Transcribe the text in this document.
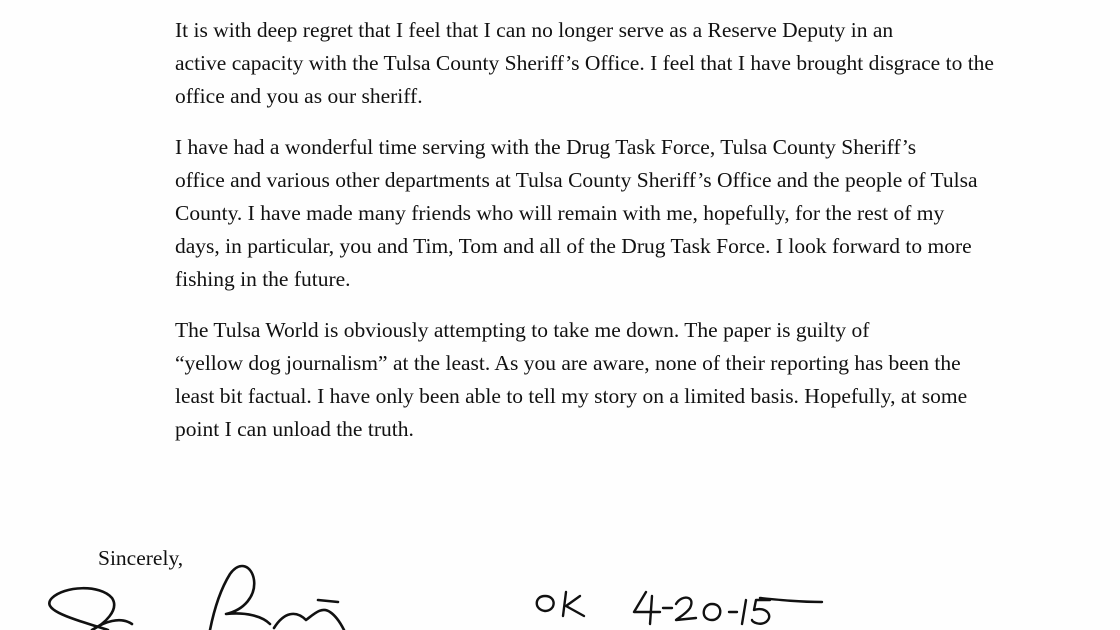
It is with deep regret that I feel that I can no longer serve as a Reserve Deputy in an
active capacity with the Tulsa County Sheriff’s Office. I feel that I have brought disgrace to the
office and you as our sheriff.

I have had a wonderful time serving with the Drug Task Force, Tulsa County Sheriff’s
office and various other departments at Tulsa County Sheriff’s Office and the people of Tulsa
County. I have made many friends who will remain with me, hopefully, for the rest of my
days, in particular, you and Tim, Tom and all of the Drug Task Force. I look forward to more
fishing in the future.

The Tulsa World is obviously attempting to take me down. The paper is guilty of
“yellow dog journalism” at the least. As you are aware, none of their reporting has been the
least bit factual. I have only been able to tell my story on a limited basis. Hopefully, at some
point I can unload the truth.

Sincerely,
